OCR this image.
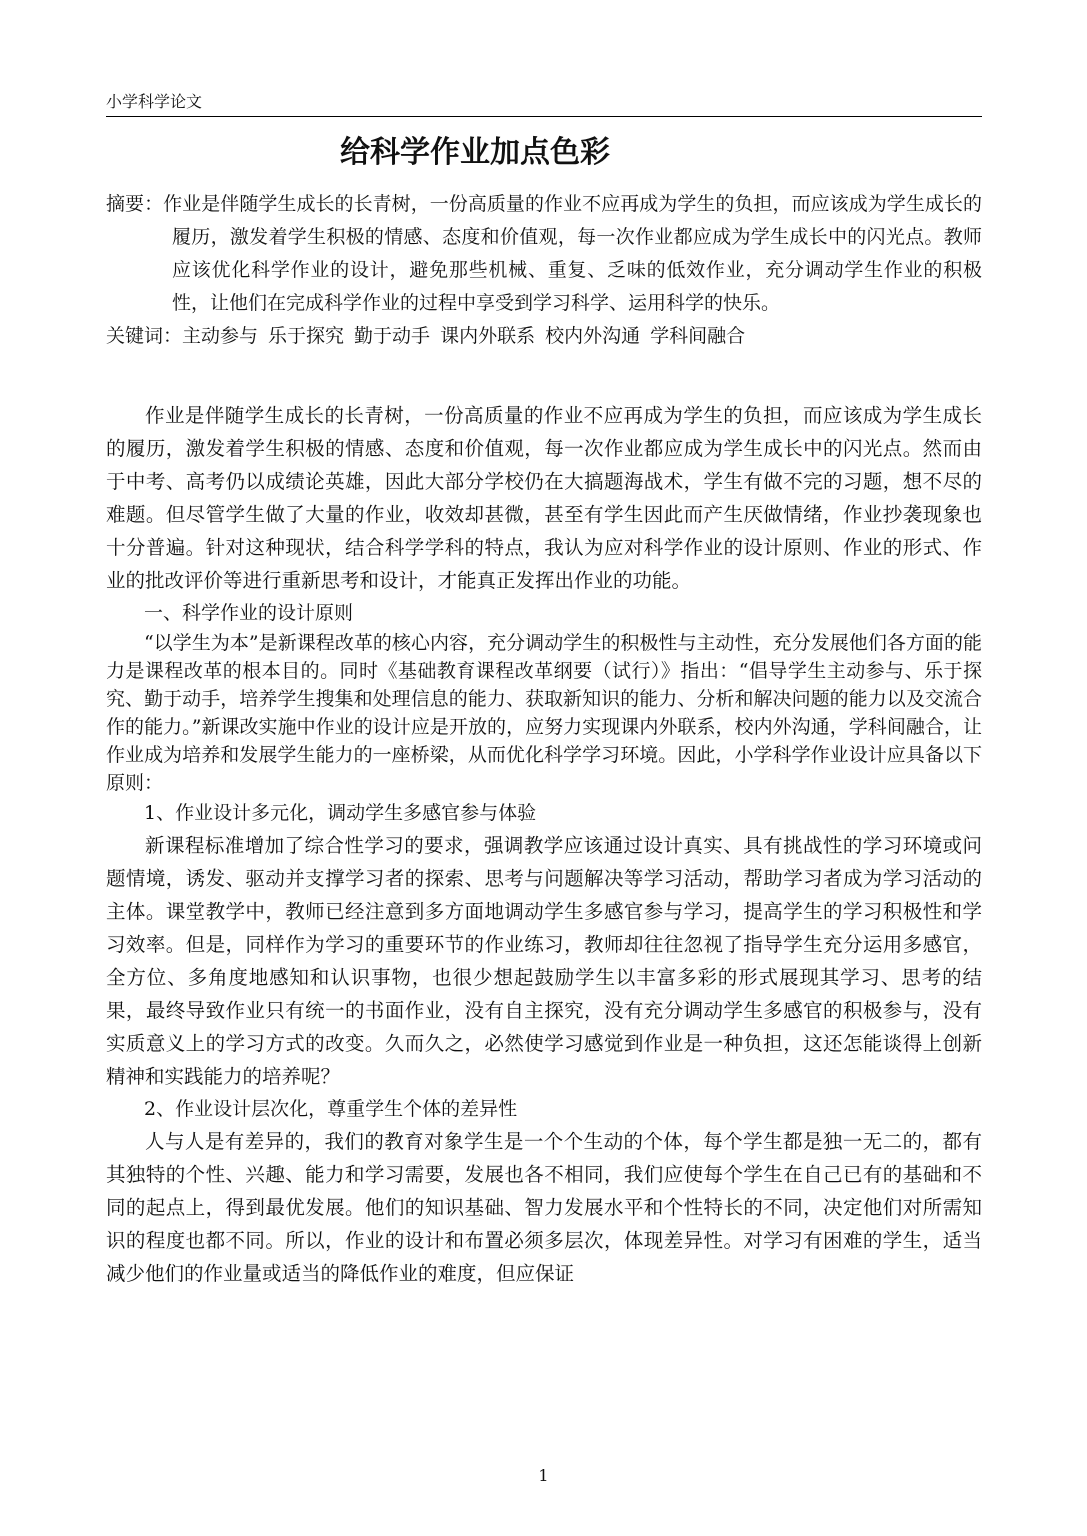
小学科学论文
给科学作业加点色彩

摘要：作业是伴随学生成长的长青树，一份高质量的作业不应再成为学生的负担，而应该成为学生成长的履历，激发着学生积极的情感、态度和价值观，每一次作业都应成为学生成长中的闪光点。教师应该优化科学作业的设计，避免那些机械、重复、乏味的低效作业，充分调动学生作业的积极性，让他们在完成科学作业的过程中享受到学习科学、运用科学的快乐。

关键词：主动参与 乐于探究 勤于动手 课内外联系 校内外沟通 学科间融合

作业是伴随学生成长的长青树，一份高质量的作业不应再成为学生的负担，而应该成为学生成长的履历，激发着学生积极的情感、态度和价值观，每一次作业都应成为学生成长中的闪光点。然而由于中考、高考仍以成绩论英雄，因此大部分学校仍在大搞题海战术，学生有做不完的习题，想不尽的难题。但尽管学生做了大量的作业，收效却甚微，甚至有学生因此而产生厌做情绪，作业抄袭现象也十分普遍。针对这种现状，结合科学学科的特点，我认为应对科学作业的设计原则、作业的形式、作业的批改评价等进行重新思考和设计，才能真正发挥出作业的功能。

一、科学作业的设计原则

“以学生为本”是新课程改革的核心内容，充分调动学生的积极性与主动性，充分发展他们各方面的能力是课程改革的根本目的。同时《基础教育课程改革纲要（试行）》指出：“倡导学生主动参与、乐于探究、勤于动手，培养学生搜集和处理信息的能力、获取新知识的能力、分析和解决问题的能力以及交流合作的能力。”新课改实施中作业的设计应是开放的，应努力实现课内外联系，校内外沟通，学科间融合，让作业成为培养和发展学生能力的一座桥梁，从而优化科学学习环境。因此，小学科学作业设计应具备以下原则：

1、作业设计多元化，调动学生多感官参与体验

新课程标准增加了综合性学习的要求，强调教学应该通过设计真实、具有挑战性的学习环境或问题情境，诱发、驱动并支撑学习者的探索、思考与问题解决等学习活动，帮助学习者成为学习活动的主体。课堂教学中，教师已经注意到多方面地调动学生多感官参与学习，提高学生的学习积极性和学习效率。但是，同样作为学习的重要环节的作业练习，教师却往往忽视了指导学生充分运用多感官，全方位、多角度地感知和认识事物，也很少想起鼓励学生以丰富多彩的形式展现其学习、思考的结果，最终导致作业只有统一的书面作业，没有自主探究，没有充分调动学生多感官的积极参与，没有实质意义上的学习方式的改变。久而久之，必然使学习感觉到作业是一种负担，这还怎能谈得上创新精神和实践能力的培养呢？

2、作业设计层次化，尊重学生个体的差异性

人与人是有差异的，我们的教育对象学生是一个个生动的个体，每个学生都是独一无二的，都有其独特的个性、兴趣、能力和学习需要，发展也各不相同，我们应使每个学生在自己已有的基础和不同的起点上，得到最优发展。他们的知识基础、智力发展水平和个性特长的不同，决定他们对所需知识的程度也都不同。所以，作业的设计和布置必须多层次，体现差异性。对学习有困难的学生，适当减少他们的作业量或适当的降低作业的难度，但应保证

1
